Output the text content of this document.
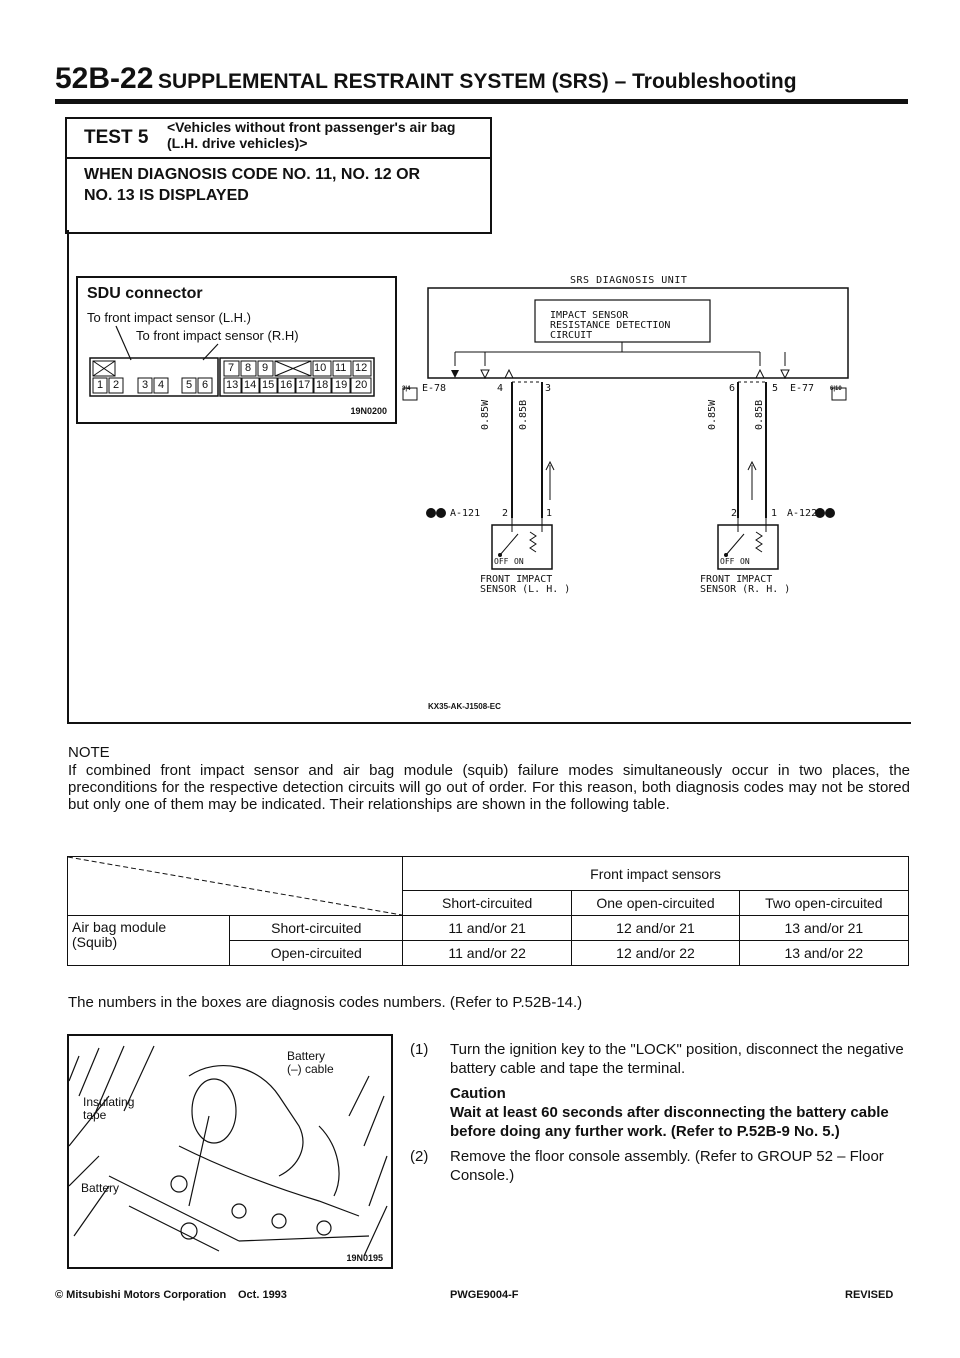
52B-22 SUPPLEMENTAL RESTRAINT SYSTEM (SRS) – Troubleshooting
TEST 5 <Vehicles without front passenger's air bag
(L.H. drive vehicles)>
WHEN DIAGNOSIS CODE NO. 11, NO. 12 OR
NO. 13 IS DISPLAYED
SDU connector
To front impact sensor (L.H.)
To front impact sensor (R.H)
1 2 3 4 5 6
7 8 9	10 11 12
13 14 15 16 17 18 19 20
19N0200
SRS DIAGNOSIS UNIT
IMPACT SENSOR
RESISTANCE DETECTION
CIRCUIT
3|4	6|10
E-78	4	3	6	5 E-77
0.85W	0.85B	0.85W	0.85B
A-121 2	1	2	1 A-122
OFF ON	OFF ON
FRONT IMPACT
SENSOR (L. H. )
FRONT IMPACT
SENSOR (R. H. )
KX35-AK-J1508-EC
NOTE
If combined front impact sensor and air bag module (squib) failure modes simultaneously occur in two places, the preconditions for the respective detection circuits will go out of order. For this reason, both diagnosis codes may not be stored but only one of them may be indicated. Their relationships are shown in the following table.
	Front impact sensors		
		Short-circuited	One open-circuited	Two open-circuited

Air bag module
(Squib)	Short-circuited	11 and/or 21	12 and/or 21	13 and/or 21
	Open-circuited	11 and/or 22	12 and/or 22	13 and/or 22
The numbers in the boxes are diagnosis codes numbers. (Refer to P.52B-14.)
Battery
(–) cable
Insulating
tape
Battery
19N0195
(1) Turn the ignition key to the "LOCK" position, disconnect the negative battery cable and tape the terminal.
Caution
Wait at least 60 seconds after disconnecting the battery cable before doing any further work. (Refer to P.52B-9 No. 5.)
(2) Remove the floor console assembly. (Refer to GROUP 52 – Floor Console.)
© Mitsubishi Motors Corporation Oct. 1993	PWGE9004-F	REVISED
